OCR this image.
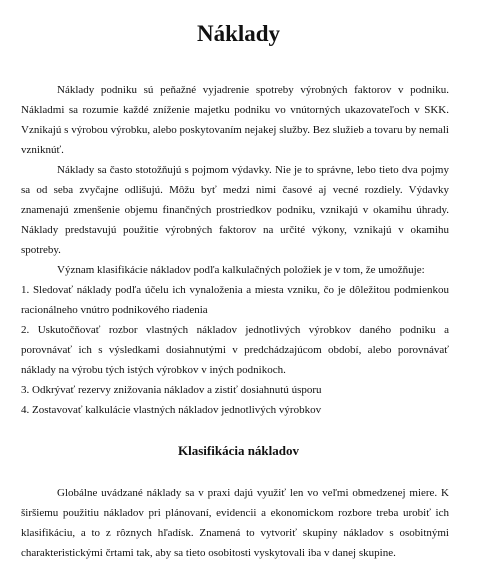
Náklady

Náklady podniku sú peňažné vyjadrenie spotreby výrobných faktorov v podniku. Nákladmi sa rozumie každé zníženie majetku podniku vo vnútorných ukazovateľoch v SKK. Vznikajú s výrobou výrobku, alebo poskytovaním nejakej služby. Bez služieb a tovaru by nemali vzniknúť.

Náklady sa často stotožňujú s pojmom výdavky. Nie je to správne, lebo tieto dva pojmy sa od seba zvyčajne odlišujú. Môžu byť medzi nimi časové aj vecné rozdiely. Výdavky znamenajú zmenšenie objemu finančných prostriedkov podniku, vznikajú v okamihu úhrady. Náklady predstavujú použitie výrobných faktorov na určité výkony, vznikajú v okamihu spotreby.

Význam klasifikácie nákladov podľa kalkulačných položiek je v tom, že umožňuje:

1. Sledovať náklady podľa účelu ich vynaloženia a miesta vzniku, čo je dôležitou podmienkou racionálneho vnútro podnikového riadenia

2. Uskutočňovať rozbor vlastných nákladov jednotlivých výrobkov daného podniku a porovnávať ich s výsledkami dosiahnutými v predchádzajúcom období, alebo porovnávať náklady na výrobu tých istých výrobkov v iných podnikoch.

3. Odkrývať rezervy znižovania nákladov a zistiť dosiahnutú úsporu

4. Zostavovať kalkulácie vlastných nákladov jednotlivých výrobkov

Klasifikácia nákladov

Globálne uvádzané náklady sa v praxi dajú využiť len vo veľmi obmedzenej miere. K širšiemu použitiu nákladov pri plánovaní, evidencii a ekonomickom rozbore treba urobiť ich klasifikáciu, a to z rôznych hľadísk. Znamená to vytvoriť skupiny nákladov s osobitnými charakteristickými črtami tak, aby sa tieto osobitosti vyskytovali iba v danej skupine.
